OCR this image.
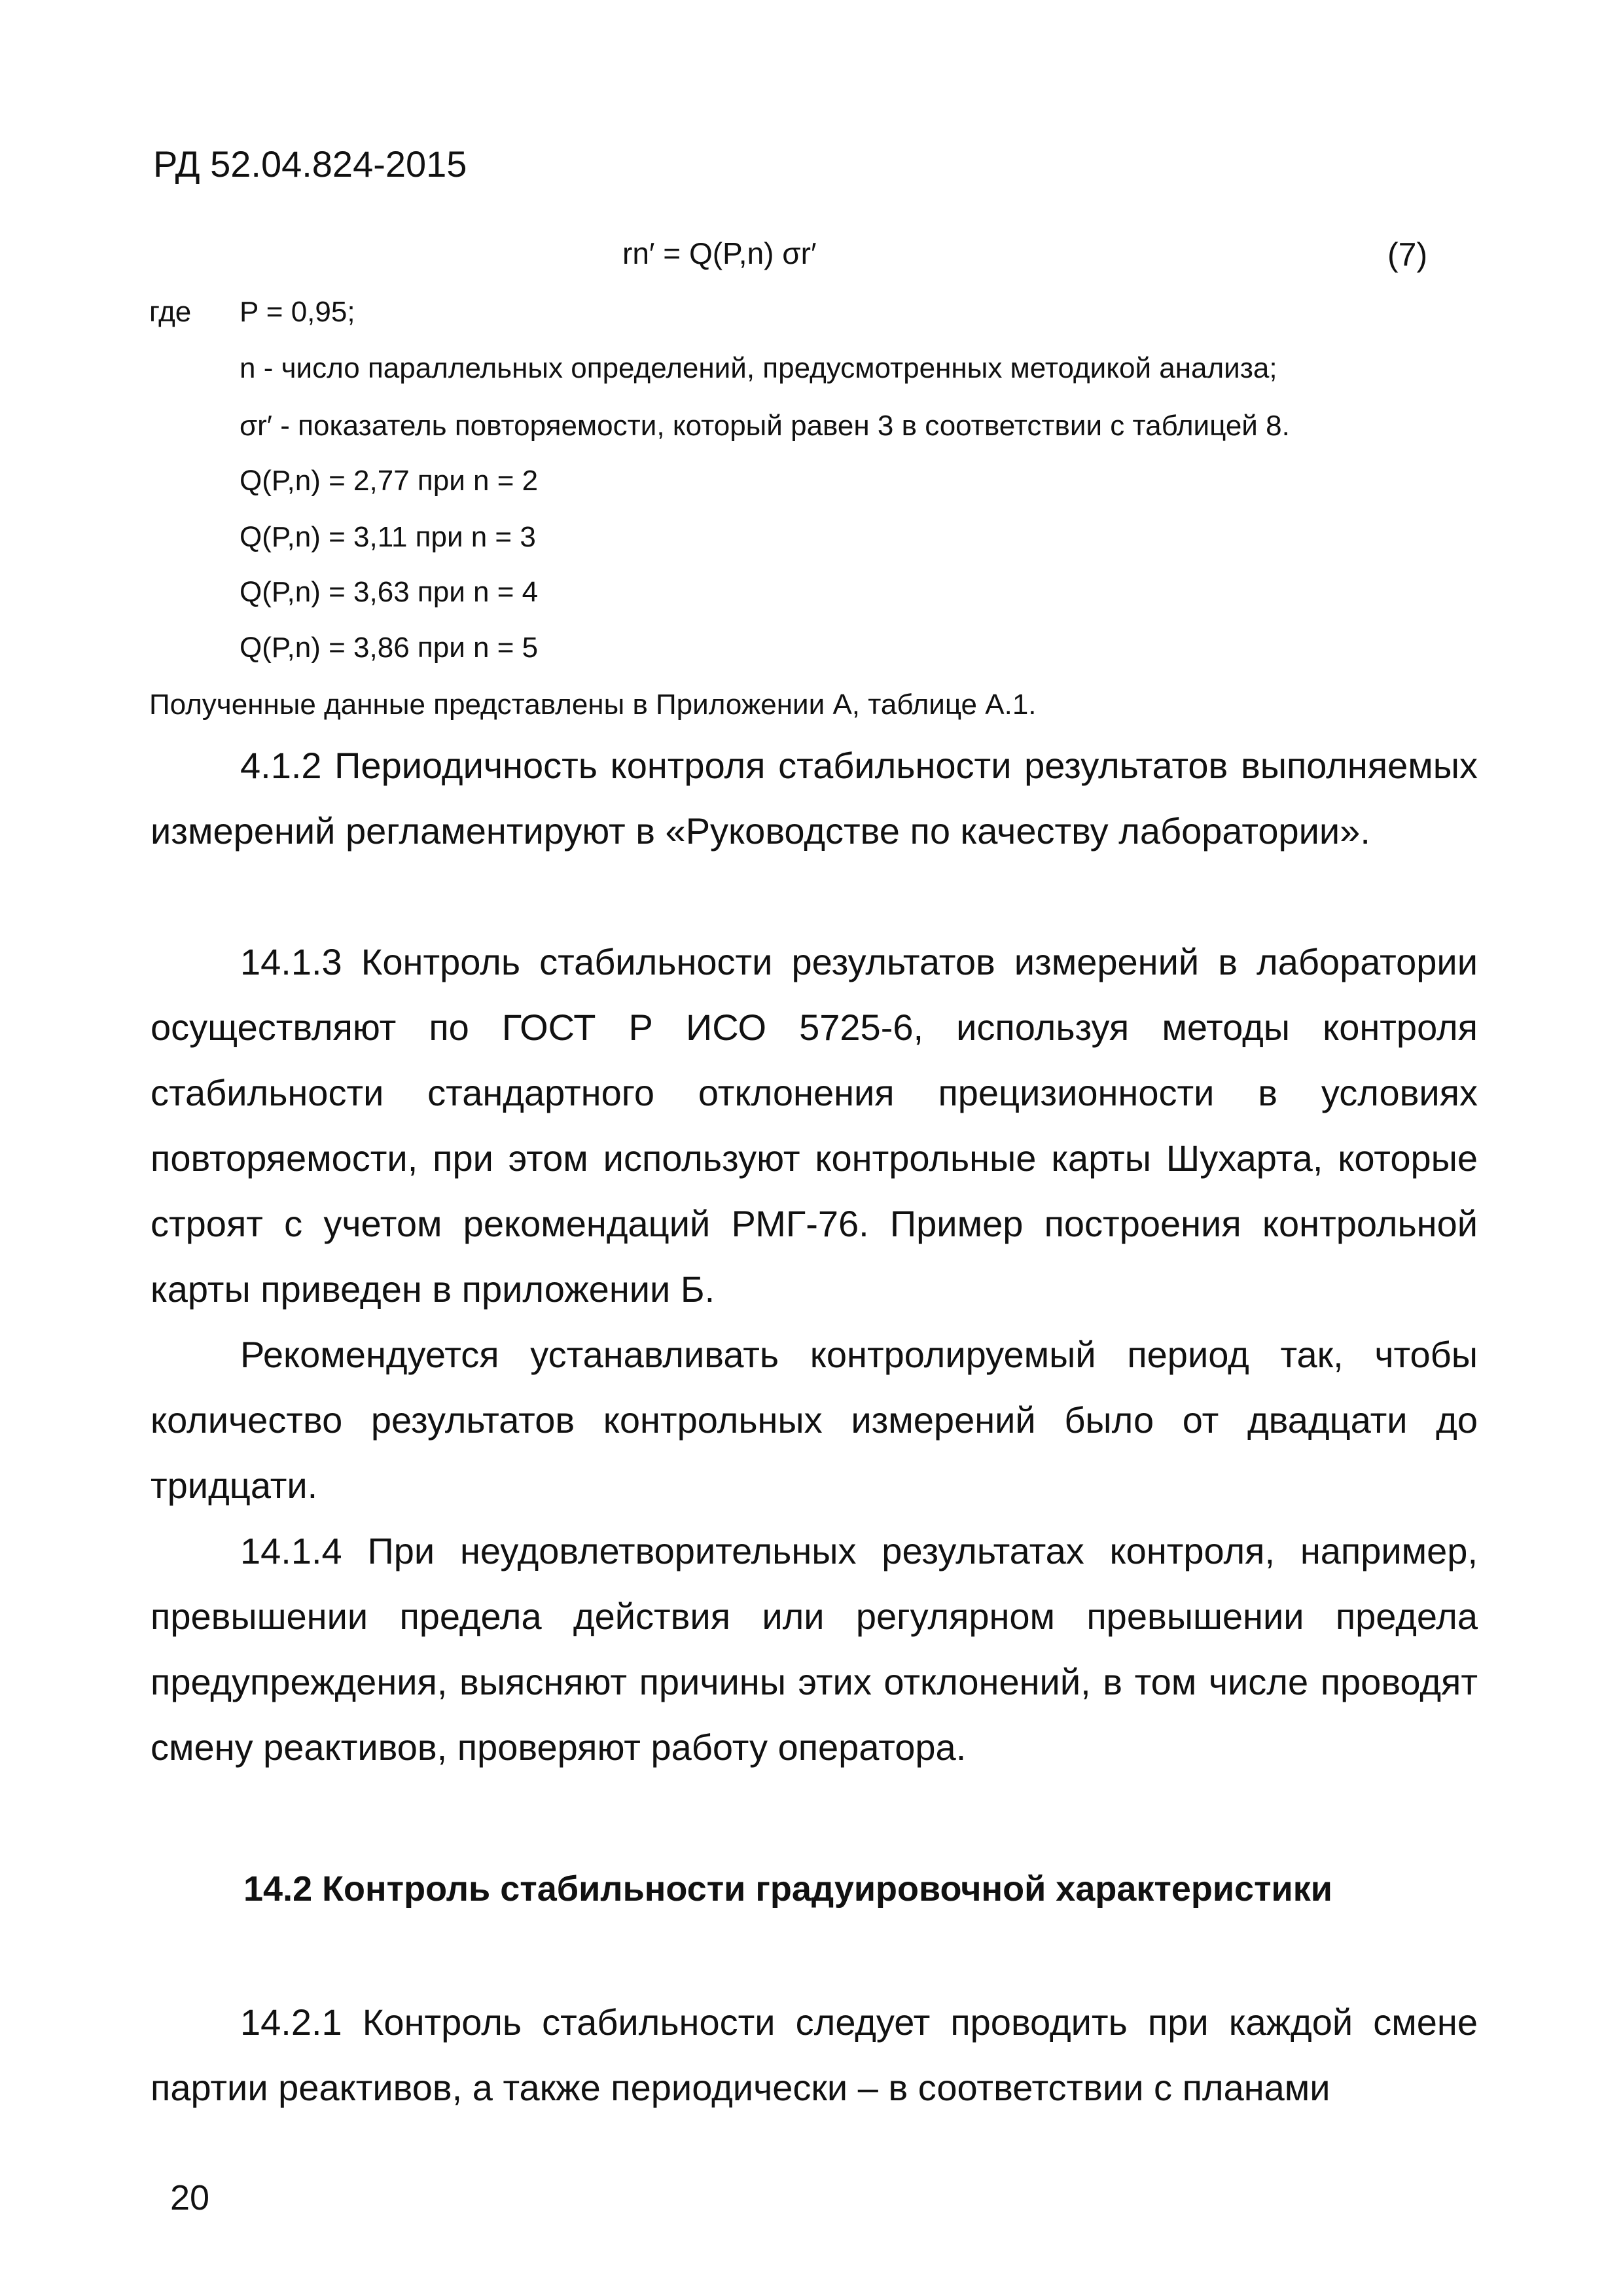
РД 52.04.824-2015
rn′ = Q(P,n) σr′	(7)
где P = 0,95;
n - число параллельных определений, предусмотренных методикой анализа;
σr′ - показатель повторяемости, который равен 3 в соответствии с таблицей 8.
Q(P,n) = 2,77 при n = 2
Q(P,n) = 3,11 при n = 3
Q(P,n) = 3,63 при n = 4
Q(P,n) = 3,86 при n = 5
Полученные данные представлены в Приложении А, таблице А.1.
4.1.2 Периодичность контроля стабильности результатов выполняемых измерений регламентируют в «Руководстве по качеству лаборатории».
14.1.3 Контроль стабильности результатов измерений в лаборатории осуществляют по ГОСТ Р ИСО 5725-6, используя методы контроля стабильности стандартного отклонения прецизионности в условиях повторяемости, при этом используют контрольные карты Шухарта, которые строят с учетом рекомендаций РМГ-76. Пример построения контрольной карты приведен в приложении Б.
Рекомендуется устанавливать контролируемый период так, чтобы количество результатов контрольных измерений было от двадцати до тридцати.
14.1.4 При неудовлетворительных результатах контроля, например, превышении предела действия или регулярном превышении предела предупреждения, выясняют причины этих отклонений, в том числе проводят смену реактивов, проверяют работу оператора.
14.2 Контроль стабильности градуировочной характеристики
14.2.1 Контроль стабильности следует проводить при каждой смене партии реактивов, а также периодически – в соответствии с планами
20
